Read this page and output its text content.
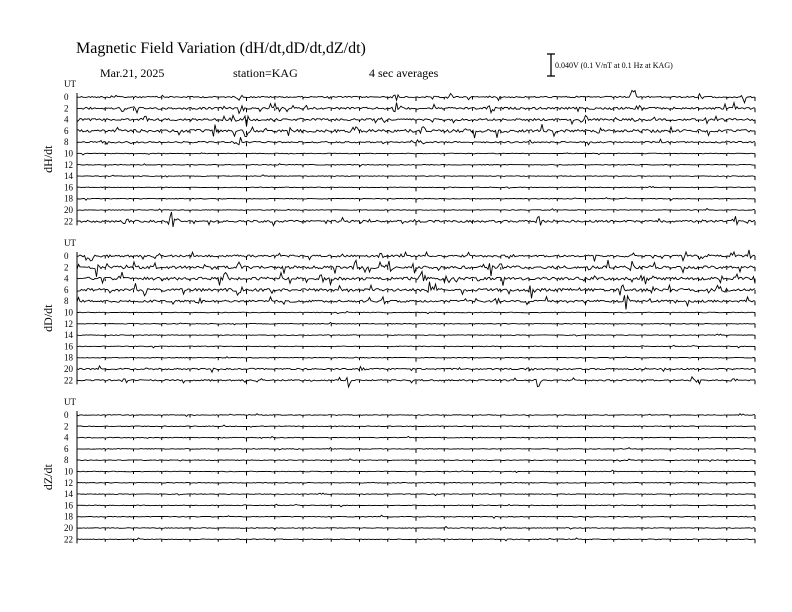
Magnetic Field Variation (dH/dt,dD/dt,dZ/dt)
Mar.21, 2025	station=KAG	4 sec averages
0.040V (0.1 V/nT at 0.1 Hz at KAG)
UT
dH/dt
0
2
4
6
8
10
12
14
16
18
20
22
UT
dD/dt
0
2
4
6
8
10
12
14
16
18
20
22
UT
dZ/dt
0
2
4
6
8
10
12
14
16
18
20
22
